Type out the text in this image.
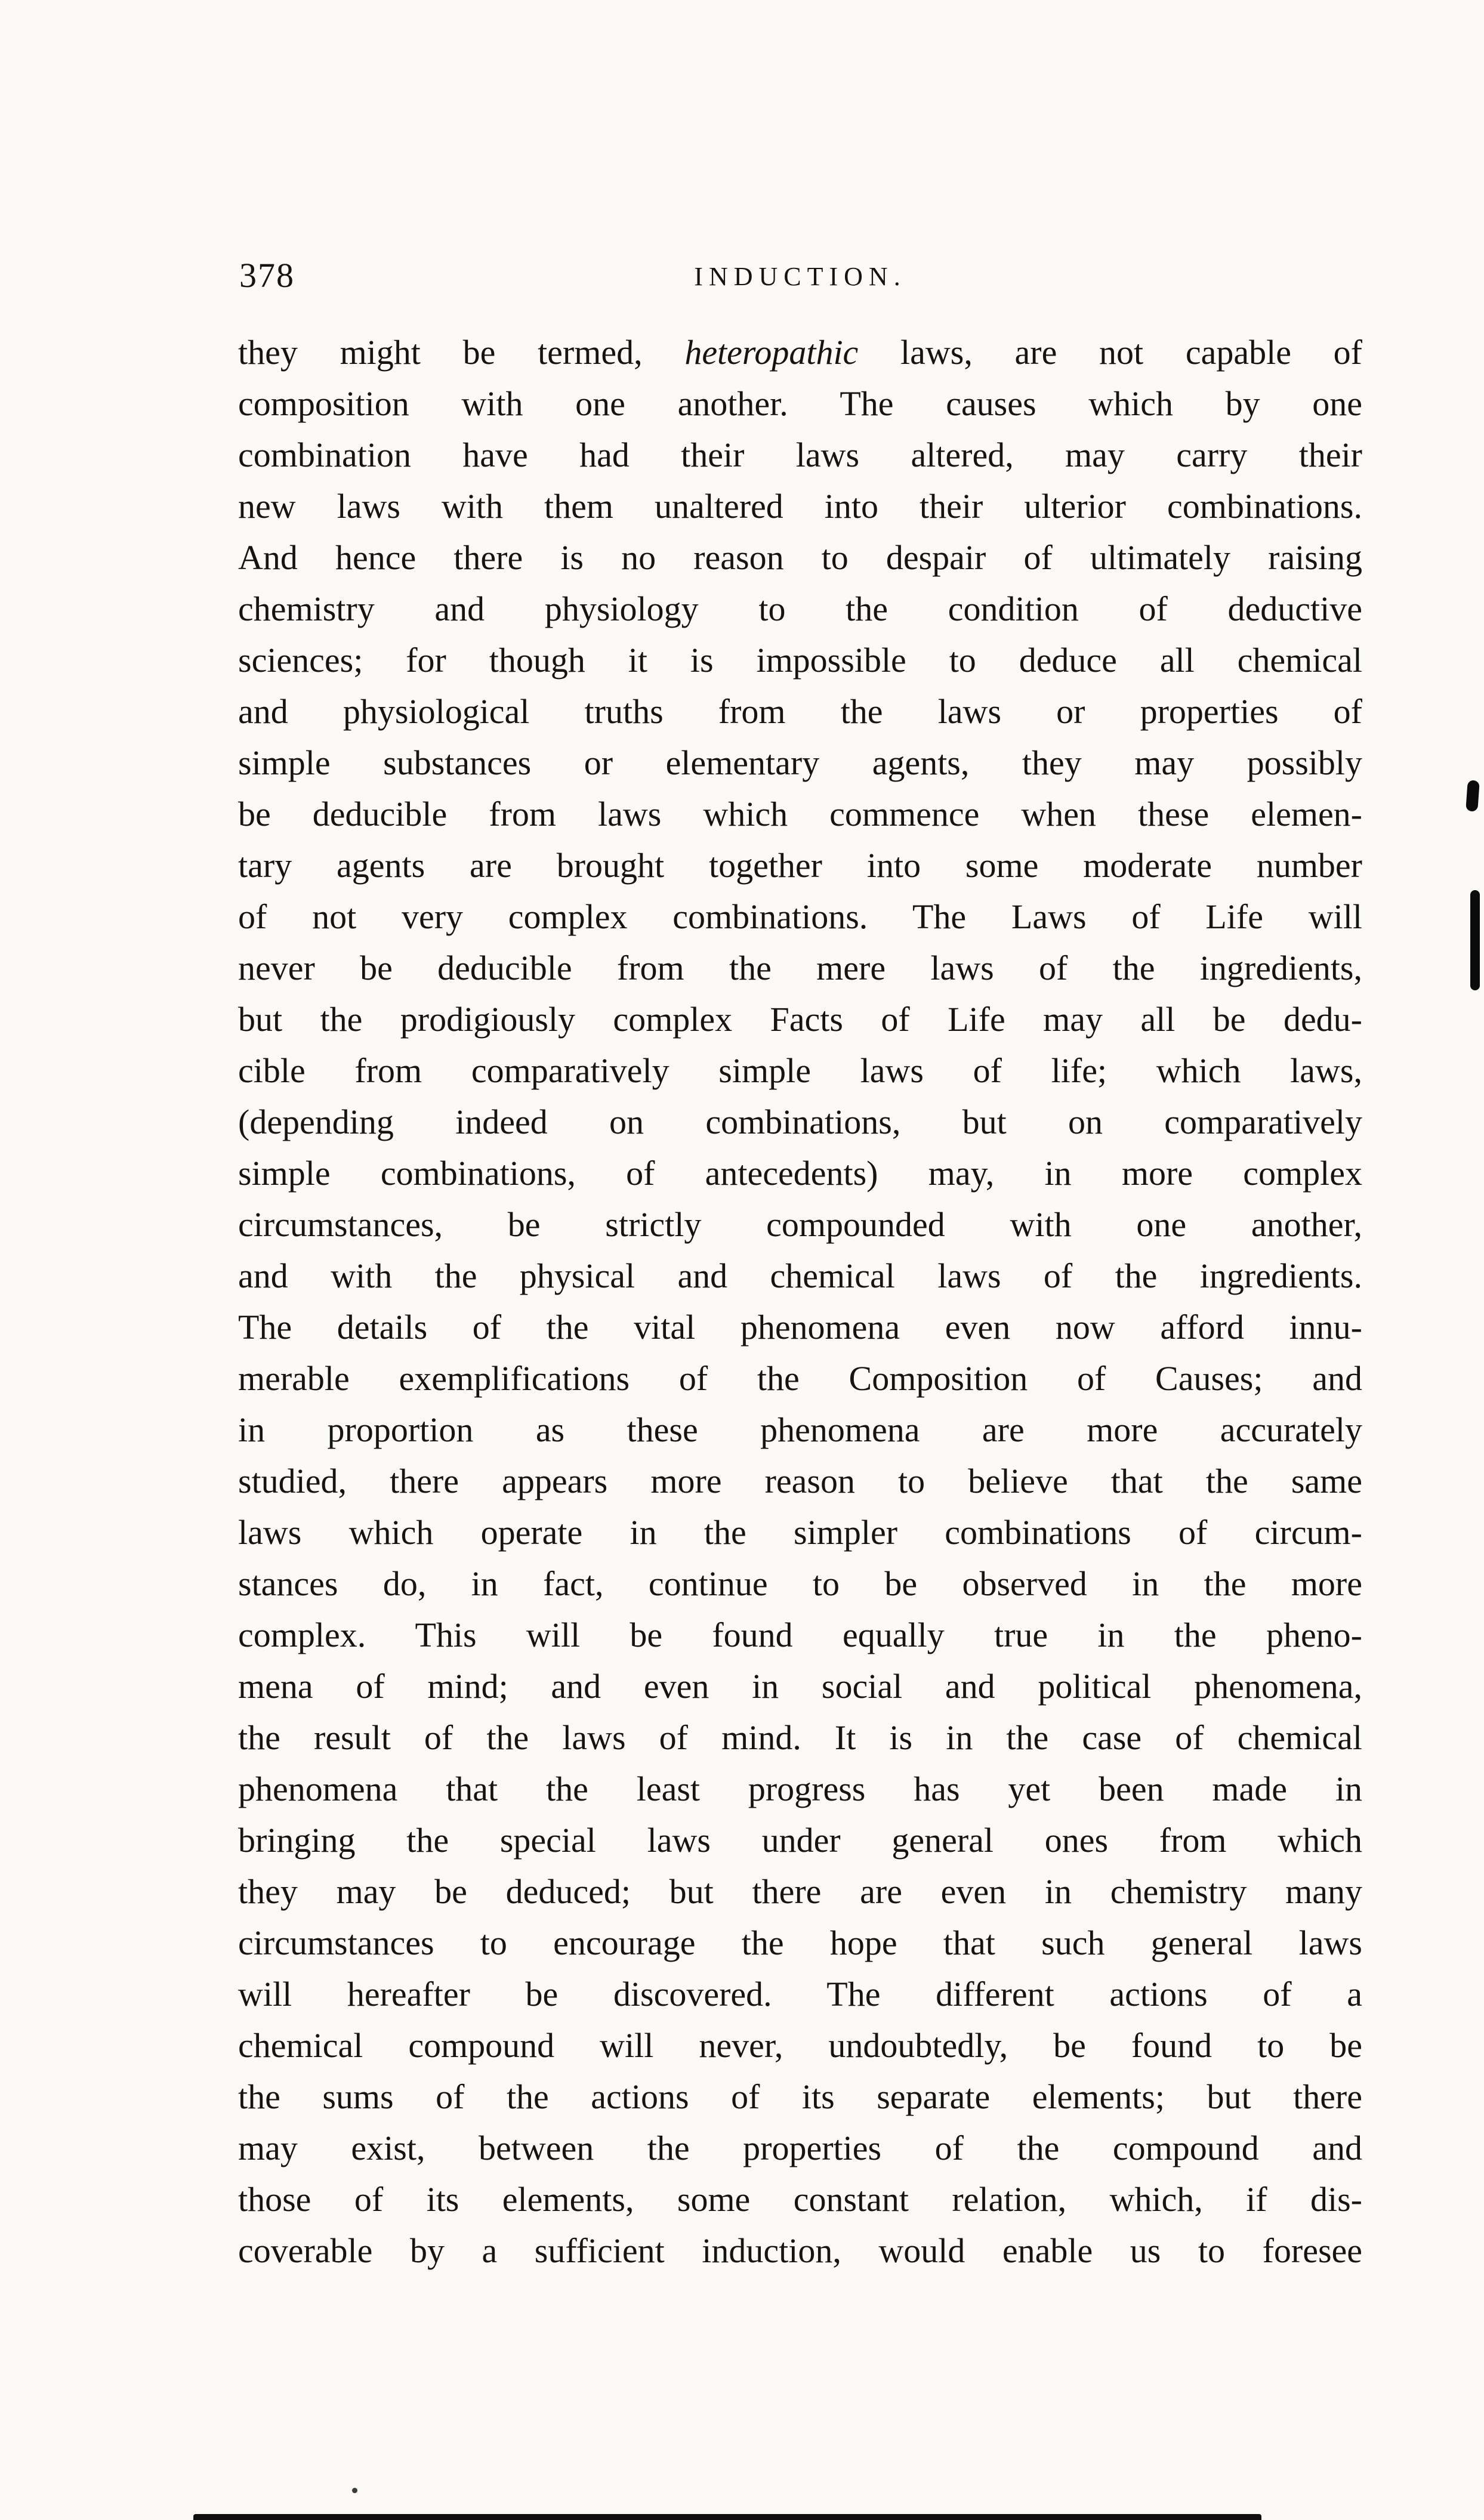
378	INDUCTION.
they might be termed, heteropathic laws, are not capable of
composition with one another. The causes which by one
combination have had their laws altered, may carry their
new laws with them unaltered into their ulterior combinations.
And hence there is no reason to despair of ultimately raising
chemistry and physiology to the condition of deductive
sciences; for though it is impossible to deduce all chemical
and physiological truths from the laws or properties of
simple substances or elementary agents, they may possibly
be deducible from laws which commence when these elemen-
tary agents are brought together into some moderate number
of not very complex combinations. The Laws of Life will
never be deducible from the mere laws of the ingredients,
but the prodigiously complex Facts of Life may all be dedu-
cible from comparatively simple laws of life; which laws,
(depending indeed on combinations, but on comparatively
simple combinations, of antecedents) may, in more complex
circumstances, be strictly compounded with one another,
and with the physical and chemical laws of the ingredients.
The details of the vital phenomena even now afford innu-
merable exemplifications of the Composition of Causes; and
in proportion as these phenomena are more accurately
studied, there appears more reason to believe that the same
laws which operate in the simpler combinations of circum-
stances do, in fact, continue to be observed in the more
complex. This will be found equally true in the pheno-
mena of mind; and even in social and political phenomena,
the result of the laws of mind. It is in the case of chemical
phenomena that the least progress has yet been made in
bringing the special laws under general ones from which
they may be deduced; but there are even in chemistry many
circumstances to encourage the hope that such general laws
will hereafter be discovered. The different actions of a
chemical compound will never, undoubtedly, be found to be
the sums of the actions of its separate elements; but there
may exist, between the properties of the compound and
those of its elements, some constant relation, which, if dis-
coverable by a sufficient induction, would enable us to foresee
